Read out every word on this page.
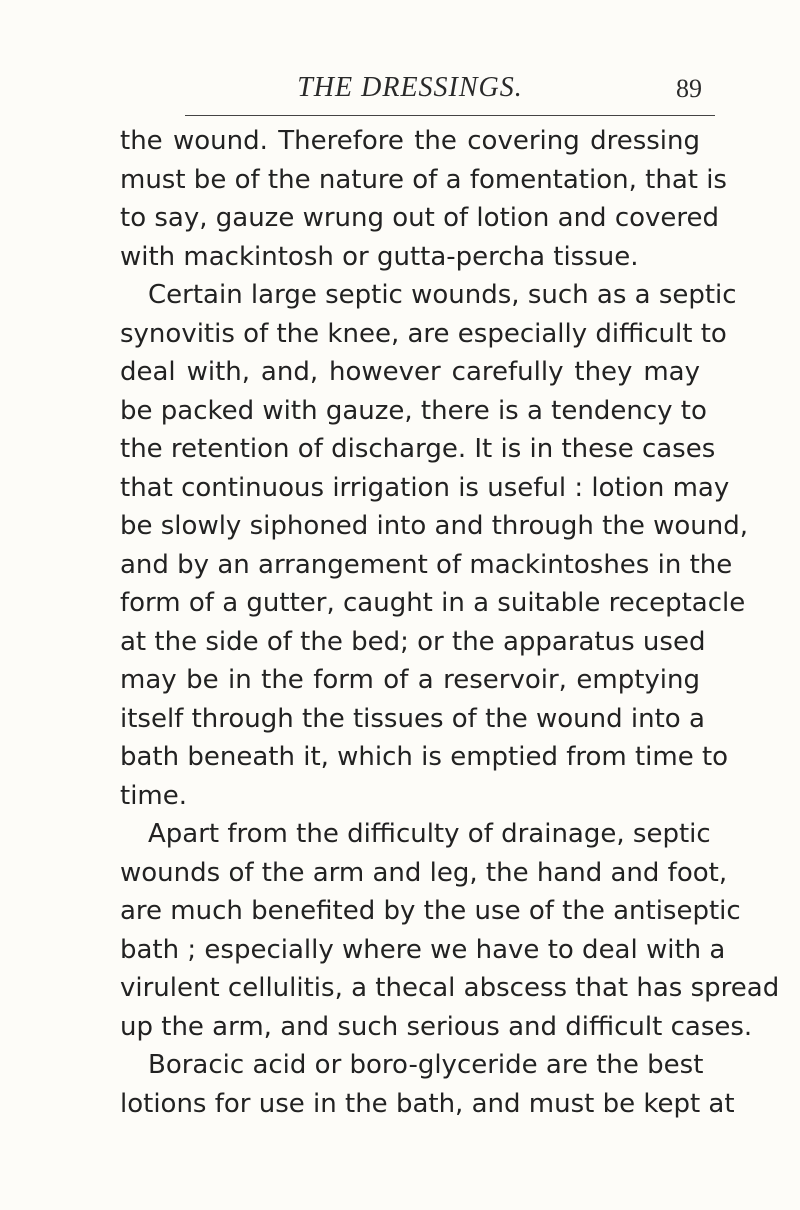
THE DRESSINGS.	89
the wound. Therefore the covering dressing
must be of the nature of a fomentation, that is
to say, gauze wrung out of lotion and covered
with mackintosh or gutta-percha tissue.
Certain large septic wounds, such as a septic
synovitis of the knee, are especially difficult to
deal with, and, however carefully they may
be packed with gauze, there is a tendency to
the retention of discharge. It is in these cases
that continuous irrigation is useful : lotion may
be slowly siphoned into and through the wound,
and by an arrangement of mackintoshes in the
form of a gutter, caught in a suitable receptacle
at the side of the bed; or the apparatus used
may be in the form of a reservoir, emptying
itself through the tissues of the wound into a
bath beneath it, which is emptied from time to
time.
Apart from the difficulty of drainage, septic
wounds of the arm and leg, the hand and foot,
are much benefited by the use of the antiseptic
bath ; especially where we have to deal with a
virulent cellulitis, a thecal abscess that has spread
up the arm, and such serious and difficult cases.
Boracic acid or boro-glyceride are the best
lotions for use in the bath, and must be kept at
